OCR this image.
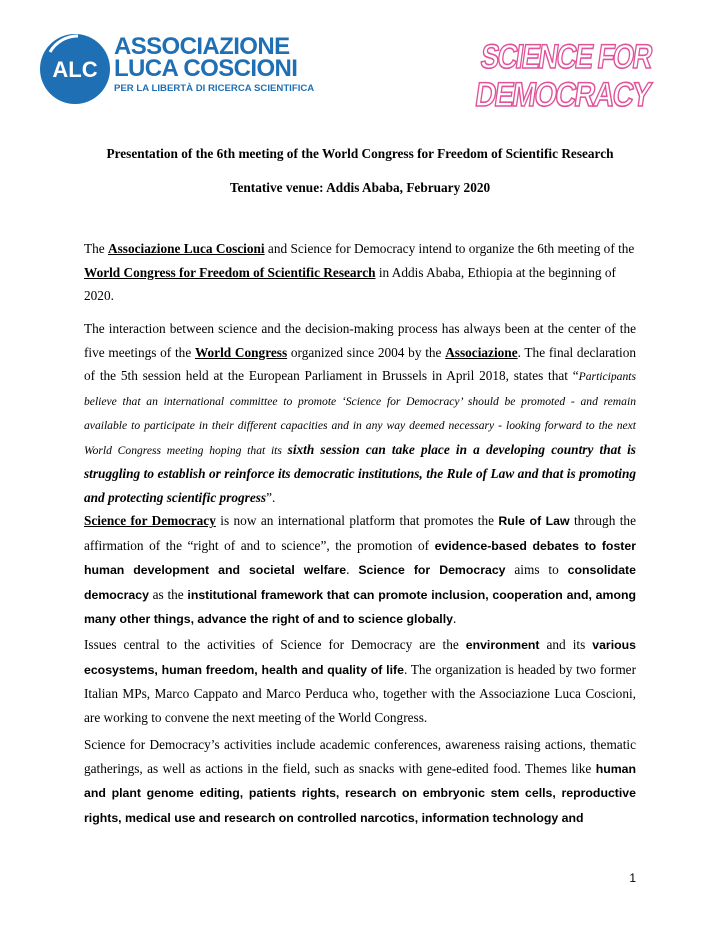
ALC
ASSOCIAZIONE
LUCA COSCIONI
PER LA LIBERTÀ DI RICERCA SCIENTIFICA
SCIENCE FOR
DEMOCRACY

Presentation of the 6th meeting of the World Congress for Freedom of Scientific Research

Tentative venue: Addis Ababa, February 2020

The Associazione Luca Coscioni and Science for Democracy intend to organize the 6th meeting of the World Congress for Freedom of Scientific Research in Addis Ababa, Ethiopia at the beginning of 2020.

The interaction between science and the decision-making process has always been at the center of the five meetings of the World Congress organized since 2004 by the Associazione. The final declaration of the 5th session held at the European Parliament in Brussels in April 2018, states that “Participants believe that an international committee to promote ‘Science for Democracy’ should be promoted - and remain available to participate in their different capacities and in any way deemed necessary - looking forward to the next World Congress meeting hoping that its sixth session can take place in a developing country that is struggling to establish or reinforce its democratic institutions, the Rule of Law and that is promoting and protecting scientific progress”.

Science for Democracy is now an international platform that promotes the Rule of Law through the affirmation of the “right of and to science”, the promotion of evidence-based debates to foster human development and societal welfare. Science for Democracy aims to consolidate democracy as the institutional framework that can promote inclusion, cooperation and, among many other things, advance the right of and to science globally.

Issues central to the activities of Science for Democracy are the environment and its various ecosystems, human freedom, health and quality of life. The organization is headed by two former Italian MPs, Marco Cappato and Marco Perduca who, together with the Associazione Luca Coscioni, are working to convene the next meeting of the World Congress.

Science for Democracy’s activities include academic conferences, awareness raising actions, thematic gatherings, as well as actions in the field, such as snacks with gene-edited food. Themes like human and plant genome editing, patients rights, research on embryonic stem cells, reproductive rights, medical use and research on controlled narcotics, information technology and

1
